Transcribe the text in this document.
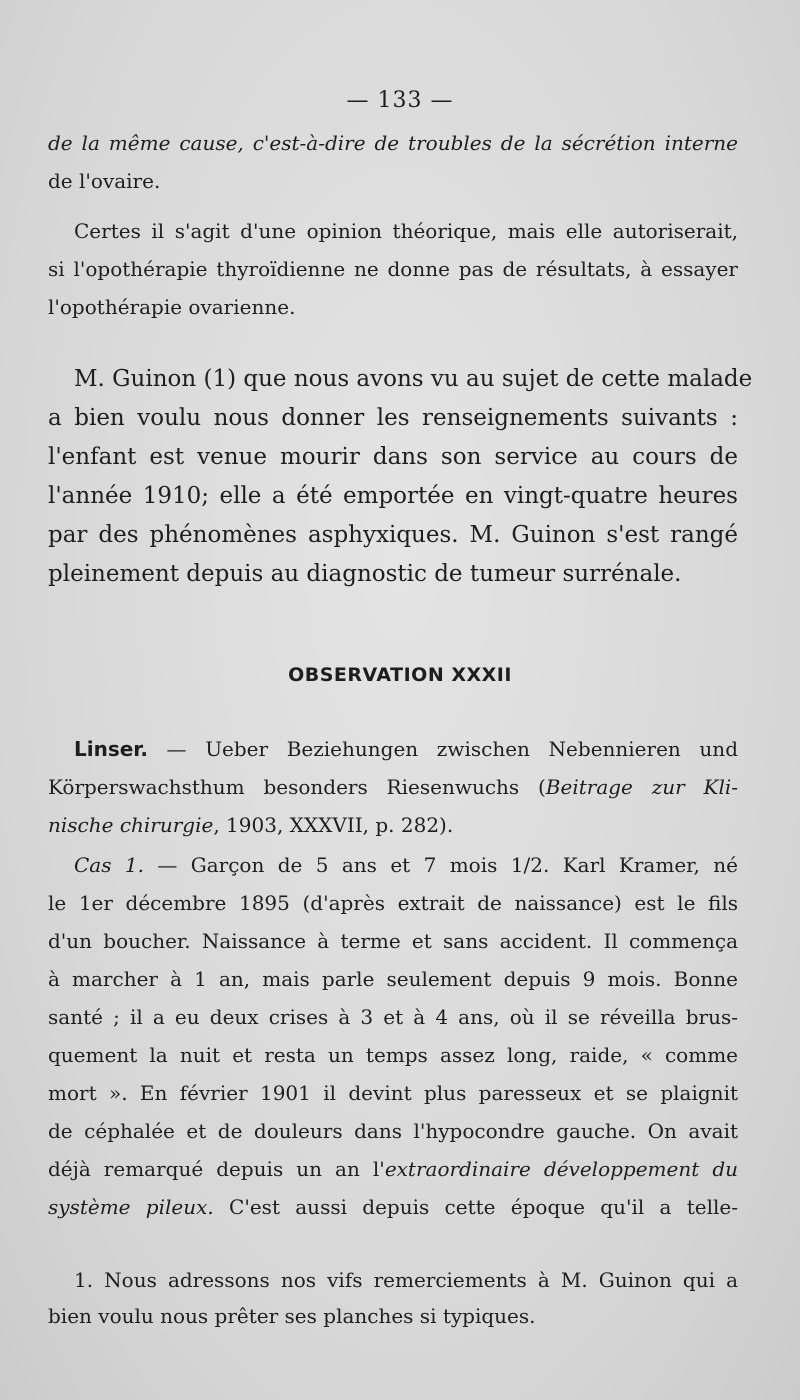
— 133 —
de la même cause, c'est-à-dire de troubles de la sécrétion interne
de l'ovaire.
Certes il s'agit d'une opinion théorique, mais elle autoriserait,
si l'opothérapie thyroïdienne ne donne pas de résultats, à essayer
l'opothérapie ovarienne.
M. Guinon (1) que nous avons vu au sujet de cette malade
a bien voulu nous donner les renseignements suivants :
l'enfant est venue mourir dans son service au cours de
l'année 1910; elle a été emportée en vingt-quatre heures
par des phénomènes asphyxiques. M. Guinon s'est rangé
pleinement depuis au diagnostic de tumeur surrénale.
OBSERVATION XXXII
Linser. — Ueber Beziehungen zwischen Nebennieren und
Körperswachsthum besonders Riesenwuchs (Beitrage zur Kli-
nische chirurgie, 1903, XXXVII, p. 282).
Cas 1. — Garçon de 5 ans et 7 mois 1/2. Karl Kramer, né
le 1er décembre 1895 (d'après extrait de naissance) est le fils
d'un boucher. Naissance à terme et sans accident. Il commença
à marcher à 1 an, mais parle seulement depuis 9 mois. Bonne
santé ; il a eu deux crises à 3 et à 4 ans, où il se réveilla brus-
quement la nuit et resta un temps assez long, raide, « comme
mort ». En février 1901 il devint plus paresseux et se plaignit
de céphalée et de douleurs dans l'hypocondre gauche. On avait
déjà remarqué depuis un an l'extraordinaire développement du
système pileux. C'est aussi depuis cette époque qu'il a telle-
1. Nous adressons nos vifs remerciements à M. Guinon qui a
bien voulu nous prêter ses planches si typiques.
